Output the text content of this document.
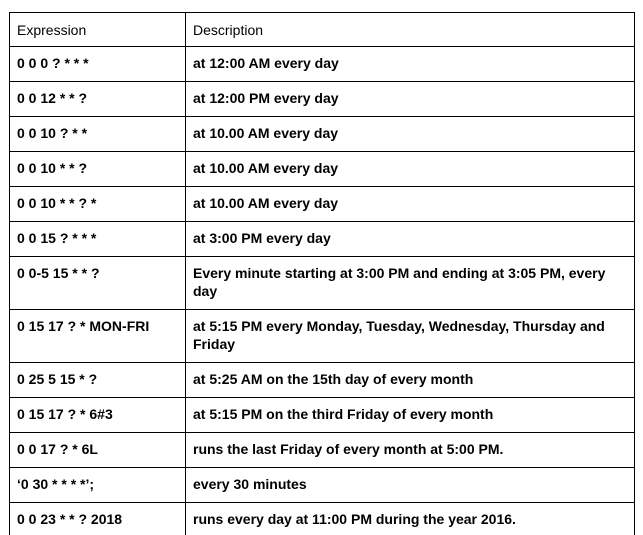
Expression	Description
0 0 0 ? * * *	at 12:00 AM every day
0 0 12 * * ?	at 12:00 PM every day
0 0 10 ? * *	at 10.00 AM every day
0 0 10 * * ?	at 10.00 AM every day
0 0 10 * * ? *	at 10.00 AM every day
0 0 15 ? * * *	at 3:00 PM every day
0 0-5 15 * * ?	Every minute starting at 3:00 PM and ending at 3:05 PM, every day
0 15 17 ? * MON-FRI	at 5:15 PM every Monday, Tuesday, Wednesday, Thursday and Friday
0 25 5 15 * ?	at 5:25 AM on the 15th day of every month
0 15 17 ? * 6#3	at 5:15 PM on the third Friday of every month
0 0 17 ? * 6L	runs the last Friday of every month at 5:00 PM.
‘0 30 * * * *’;	every 30 minutes
0 0 23 * * ? 2018	runs every day at 11:00 PM during the year 2016.
